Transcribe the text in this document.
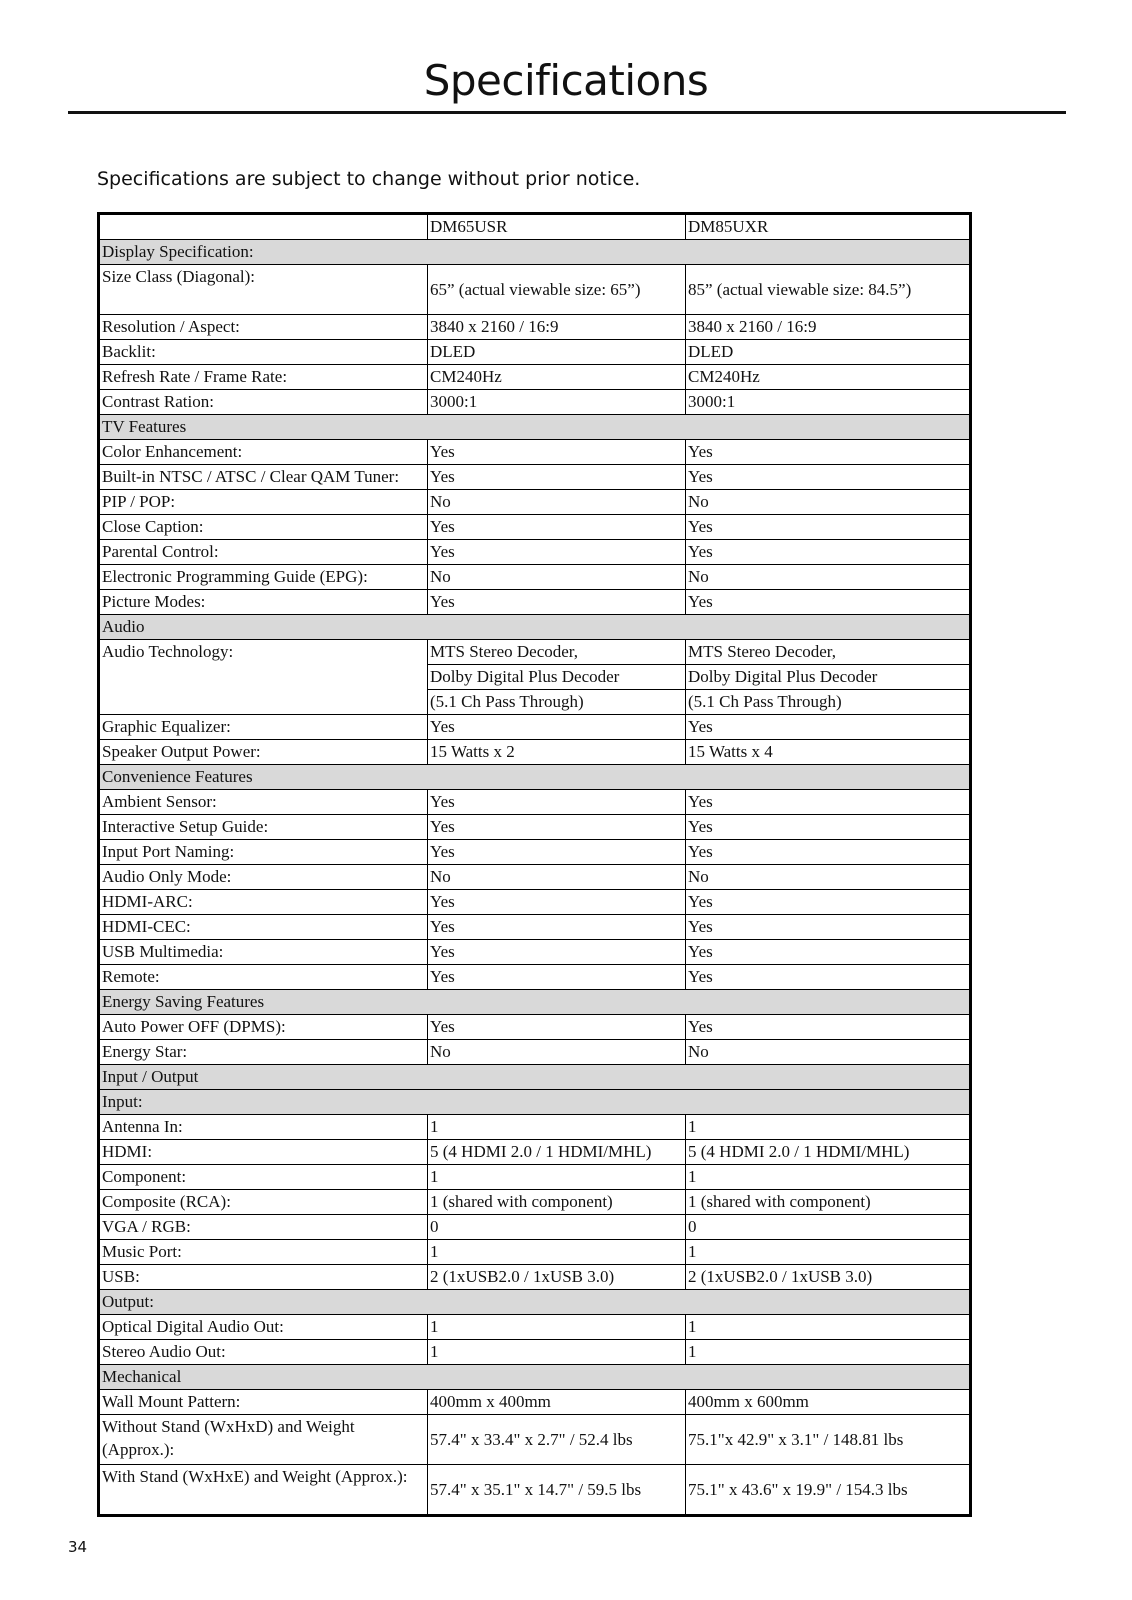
Specifications
Specifications are subject to change without prior notice.
	DM65USR	DM85UXR
Display Specification:		
Size Class (Diagonal):	65” (actual viewable size: 65”)	85” (actual viewable size: 84.5”)
Resolution / Aspect:	3840 x 2160 / 16:9	3840 x 2160 / 16:9
Backlit:	DLED	DLED
Refresh Rate / Frame Rate:	CM240Hz	CM240Hz
Contrast Ration:	3000:1	3000:1
TV Features		
Color Enhancement:	Yes	Yes
Built-in NTSC / ATSC / Clear QAM Tuner:	Yes	Yes
PIP / POP:	No	No
Close Caption:	Yes	Yes
Parental Control:	Yes	Yes
Electronic Programming Guide (EPG):	No	No
Picture Modes:	Yes	Yes
Audio		
Audio Technology:	MTS Stereo Decoder,	MTS Stereo Decoder,
	Dolby Digital Plus Decoder	Dolby Digital Plus Decoder
	(5.1 Ch Pass Through)	(5.1 Ch Pass Through)
Graphic Equalizer:	Yes	Yes
Speaker Output Power:	15 Watts x 2	15 Watts x 4
Convenience Features		
Ambient Sensor:	Yes	Yes
Interactive Setup Guide:	Yes	Yes
Input Port Naming:	Yes	Yes
Audio Only Mode:	No	No
HDMI-ARC:	Yes	Yes
HDMI-CEC:	Yes	Yes
USB Multimedia:	Yes	Yes
Remote:	Yes	Yes
Energy Saving Features		
Auto Power OFF (DPMS):	Yes	Yes
Energy Star:	No	No
Input / Output		
Input:		
Antenna In:	1	1
HDMI:	5 (4 HDMI 2.0 / 1 HDMI/MHL)	5 (4 HDMI 2.0 / 1 HDMI/MHL)
Component:	1	1
Composite (RCA):	1 (shared with component)	1 (shared with component)
VGA / RGB:	0	0
Music Port:	1	1
USB:	2 (1xUSB2.0 / 1xUSB 3.0)	2 (1xUSB2.0 / 1xUSB 3.0)
Output:		
Optical Digital Audio Out:	1	1
Stereo Audio Out:	1	1
Mechanical		
Wall Mount Pattern:	400mm x 400mm	400mm x 600mm
Without Stand (WxHxD) and Weight (Approx.):	57.4" x 33.4" x 2.7" / 52.4 lbs	75.1"x 42.9" x 3.1" / 148.81 lbs
With Stand (WxHxE) and Weight (Approx.):	57.4" x 35.1" x 14.7" / 59.5 lbs	75.1" x 43.6" x 19.9" / 154.3 lbs
34
